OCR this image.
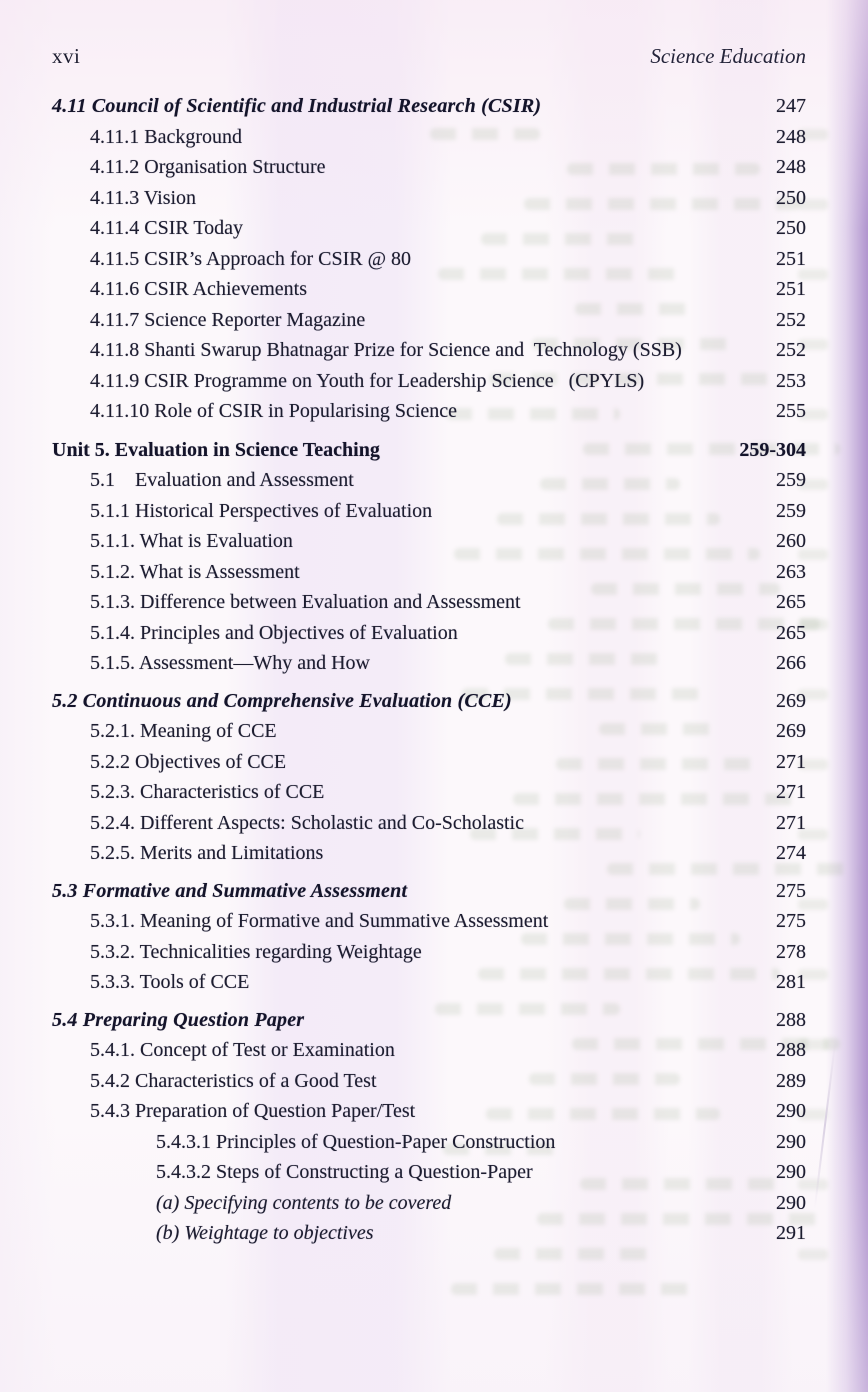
xvi	Science Education
4.11 Council of Scientific and Industrial Research (CSIR)	247
4.11.1 Background	248
4.11.2 Organisation Structure	248
4.11.3 Vision	250
4.11.4 CSIR Today	250
4.11.5 CSIR’s Approach for CSIR @ 80	251
4.11.6 CSIR Achievements	251
4.11.7 Science Reporter Magazine	252
4.11.8 Shanti Swarup Bhatnagar Prize for Science and  Technology (SSB)	252
4.11.9 CSIR Programme on Youth for Leadership Science   (CPYLS)	253
4.11.10 Role of CSIR in Popularising Science	255
Unit 5. Evaluation in Science Teaching	259-304
5.1    Evaluation and Assessment	259
5.1.1 Historical Perspectives of Evaluation	259
5.1.1. What is Evaluation	260
5.1.2. What is Assessment	263
5.1.3. Difference between Evaluation and Assessment	265
5.1.4. Principles and Objectives of Evaluation	265
5.1.5. Assessment—Why and How	266
5.2 Continuous and Comprehensive Evaluation (CCE)	269
5.2.1. Meaning of CCE	269
5.2.2 Objectives of CCE	271
5.2.3. Characteristics of CCE	271
5.2.4. Different Aspects: Scholastic and Co-Scholastic	271
5.2.5. Merits and Limitations	274
5.3 Formative and Summative Assessment	275
5.3.1. Meaning of Formative and Summative Assessment	275
5.3.2. Technicalities regarding Weightage	278
5.3.3. Tools of CCE	281
5.4 Preparing Question Paper	288
5.4.1. Concept of Test or Examination	288
5.4.2 Characteristics of a Good Test	289
5.4.3 Preparation of Question Paper/Test	290
5.4.3.1 Principles of Question-Paper Construction	290
5.4.3.2 Steps of Constructing a Question-Paper	290
(a) Specifying contents to be covered	290
(b) Weightage to objectives	291
